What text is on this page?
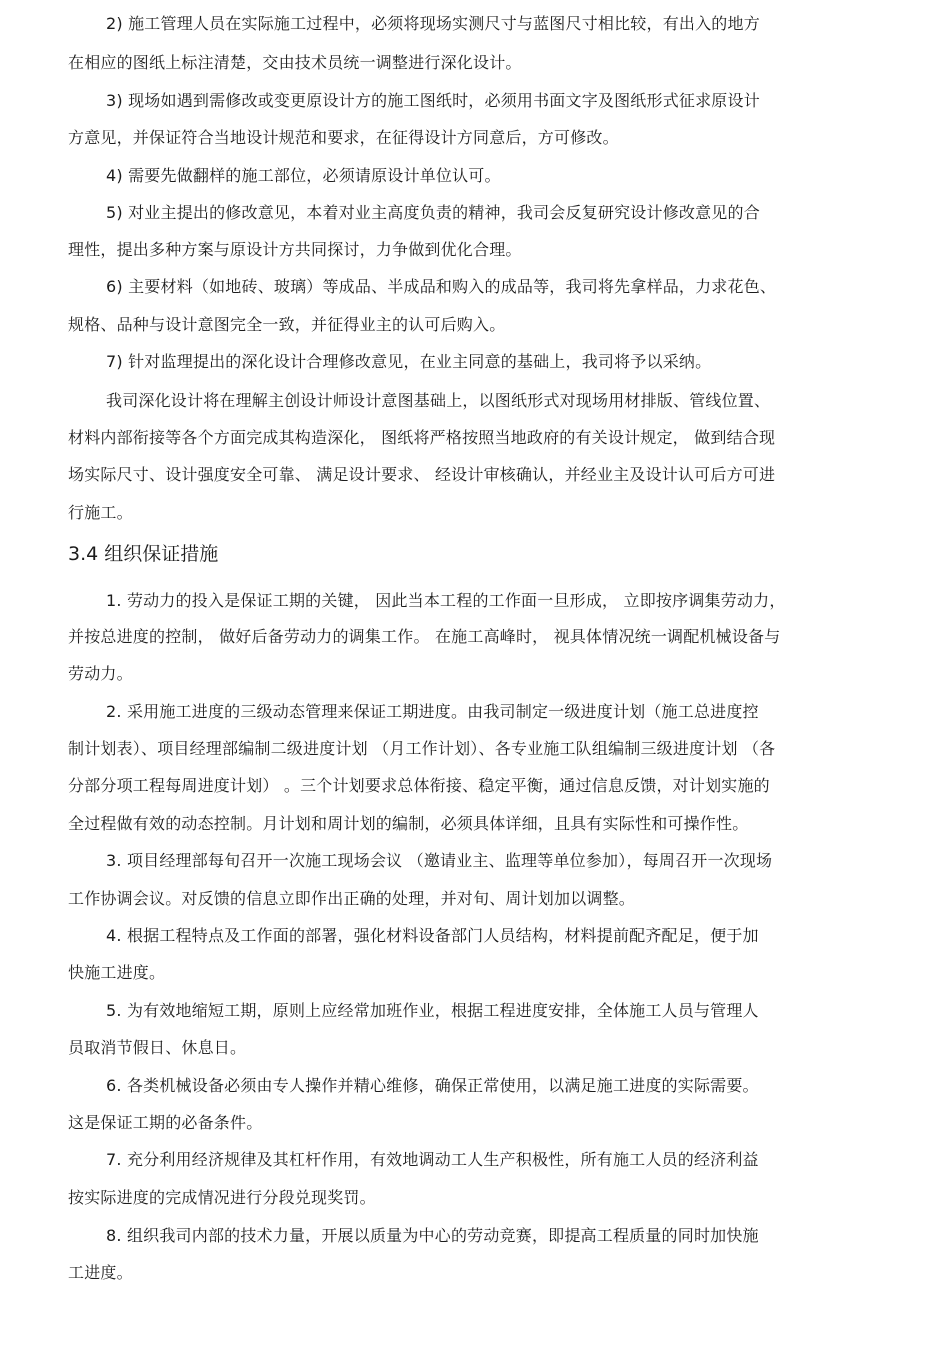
2) 施工管理人员在实际施工过程中，必须将现场实测尺寸与蓝图尺寸相比较，有出入的地方
在相应的图纸上标注清楚，交由技术员统一调整进行深化设计。
3) 现场如遇到需修改或变更原设计方的施工图纸时，必须用书面文字及图纸形式征求原设计
方意见，并保证符合当地设计规范和要求，在征得设计方同意后，方可修改。
4) 需要先做翻样的施工部位，必须请原设计单位认可。
5) 对业主提出的修改意见，本着对业主高度负责的精神，我司会反复研究设计修改意见的合
理性，提出多种方案与原设计方共同探讨，力争做到优化合理。
6) 主要材料（如地砖、玻璃）等成品、半成品和购入的成品等，我司将先拿样品，力求花色、
规格、品种与设计意图完全一致，并征得业主的认可后购入。
7) 针对监理提出的深化设计合理修改意见，在业主同意的基础上，我司将予以采纳。
我司深化设计将在理解主创设计师设计意图基础上，以图纸形式对现场用材排版、管线位置、
材料内部衔接等各个方面完成其构造深化， 图纸将严格按照当地政府的有关设计规定， 做到结合现
场实际尺寸、设计强度安全可靠、 满足设计要求、 经设计审核确认，并经业主及设计认可后方可进
行施工。
3.4 组织保证措施
1. 劳动力的投入是保证工期的关键， 因此当本工程的工作面一旦形成， 立即按序调集劳动力，
并按总进度的控制， 做好后备劳动力的调集工作。 在施工高峰时， 视具体情况统一调配机械设备与
劳动力。
2. 采用施工进度的三级动态管理来保证工期进度。由我司制定一级进度计划（施工总进度控
制计划表）、项目经理部编制二级进度计划 （月工作计划）、各专业施工队组编制三级进度计划 （各
分部分项工程每周进度计划） 。三个计划要求总体衔接、稳定平衡，通过信息反馈，对计划实施的
全过程做有效的动态控制。月计划和周计划的编制，必须具体详细，且具有实际性和可操作性。
3. 项目经理部每旬召开一次施工现场会议 （邀请业主、监理等单位参加），每周召开一次现场
工作协调会议。对反馈的信息立即作出正确的处理，并对旬、周计划加以调整。
4. 根据工程特点及工作面的部署，强化材料设备部门人员结构，材料提前配齐配足，便于加
快施工进度。
5. 为有效地缩短工期，原则上应经常加班作业，根据工程进度安排，全体施工人员与管理人
员取消节假日、休息日。
6. 各类机械设备必须由专人操作并精心维修，确保正常使用，以满足施工进度的实际需要。
这是保证工期的必备条件。
7. 充分利用经济规律及其杠杆作用，有效地调动工人生产积极性，所有施工人员的经济利益
按实际进度的完成情况进行分段兑现奖罚。
8. 组织我司内部的技术力量，开展以质量为中心的劳动竞赛，即提高工程质量的同时加快施
工进度。
